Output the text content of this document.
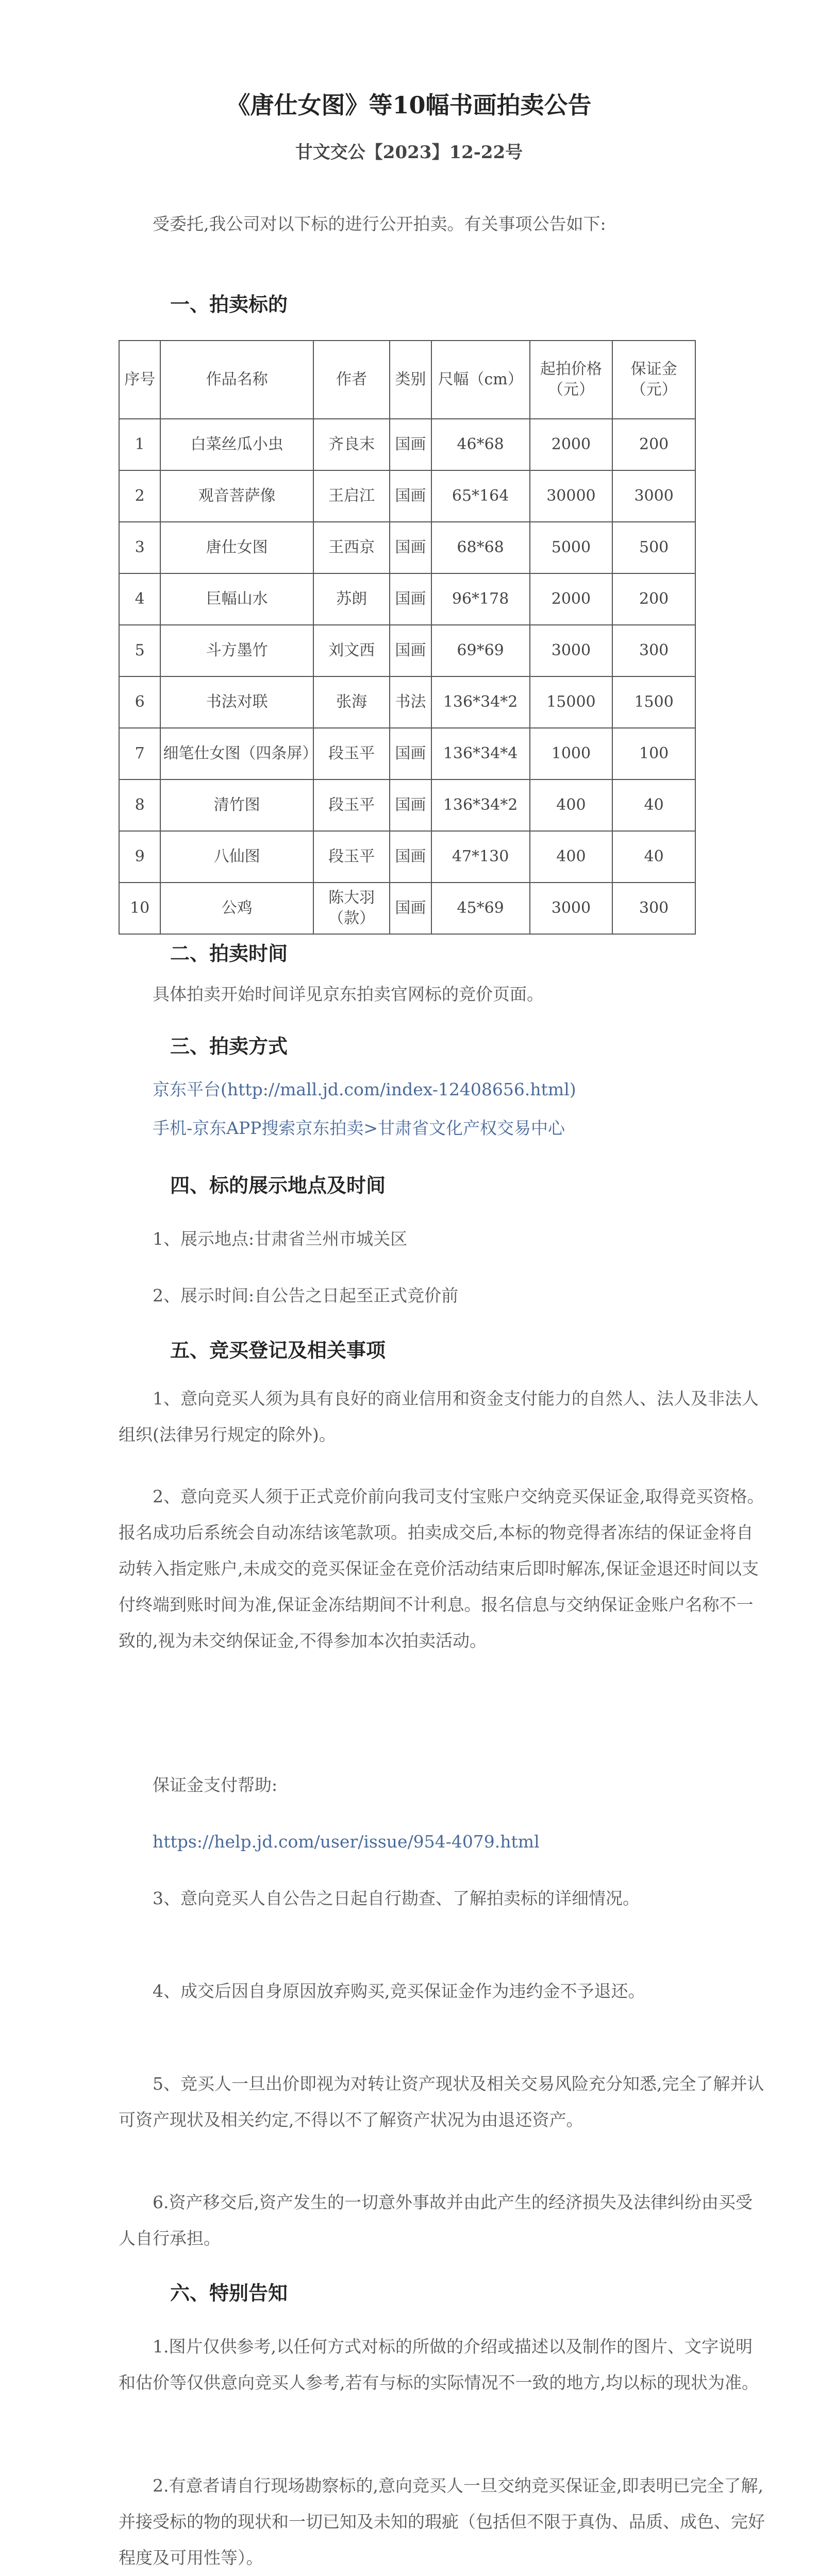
《唐仕女图》等10幅书画拍卖公告
甘文交公【2023】12-22号
受委托,我公司对以下标的进行公开拍卖。有关事项公告如下:
一、拍卖标的
序号	作品名称	作者	类别	尺幅（cm）	起拍价格（元）	保证金（元）
1	白菜丝瓜小虫	齐良末	国画	46*68	2000	200
2	观音菩萨像	王启江	国画	65*164	30000	3000
3	唐仕女图	王西京	国画	68*68	5000	500
4	巨幅山水	苏朗	国画	96*178	2000	200
5	斗方墨竹	刘文西	国画	69*69	3000	300
6	书法对联	张海	书法	136*34*2	15000	1500
7	细笔仕女图（四条屏）	段玉平	国画	136*34*4	1000	100
8	清竹图	段玉平	国画	136*34*2	400	40
9	八仙图	段玉平	国画	47*130	400	40
10	公鸡	陈大羽（款）	国画	45*69	3000	300
二、拍卖时间
具体拍卖开始时间详见京东拍卖官网标的竞价页面。
三、拍卖方式
京东平台(http://mall.jd.com/index-12408656.html)
手机-京东APP搜索京东拍卖>甘肃省文化产权交易中心
四、标的展示地点及时间
1、展示地点:甘肃省兰州市城关区
2、展示时间:自公告之日起至正式竞价前
五、竞买登记及相关事项
1、意向竞买人须为具有良好的商业信用和资金支付能力的自然人、法人及非法人组织(法律另行规定的除外)。
2、意向竞买人须于正式竞价前向我司支付宝账户交纳竞买保证金,取得竞买资格。报名成功后系统会自动冻结该笔款项。拍卖成交后,本标的物竞得者冻结的保证金将自动转入指定账户,未成交的竞买保证金在竞价活动结束后即时解冻,保证金退还时间以支付终端到账时间为准,保证金冻结期间不计利息。报名信息与交纳保证金账户名称不一致的,视为未交纳保证金,不得参加本次拍卖活动。
保证金支付帮助:
https://help.jd.com/user/issue/954-4079.html
3、意向竞买人自公告之日起自行勘查、了解拍卖标的详细情况。
4、成交后因自身原因放弃购买,竞买保证金作为违约金不予退还。
5、竞买人一旦出价即视为对转让资产现状及相关交易风险充分知悉,完全了解并认可资产现状及相关约定,不得以不了解资产状况为由退还资产。
6.资产移交后,资产发生的一切意外事故并由此产生的经济损失及法律纠纷由买受人自行承担。
六、特别告知
1.图片仅供参考,以任何方式对标的所做的介绍或描述以及制作的图片、文字说明和估价等仅供意向竞买人参考,若有与标的实际情况不一致的地方,均以标的现状为准。
2.有意者请自行现场勘察标的,意向竞买人一旦交纳竞买保证金,即表明已完全了解,并接受标的物的现状和一切已知及未知的瑕疵（包括但不限于真伪、品质、成色、完好程度及可用性等）。
